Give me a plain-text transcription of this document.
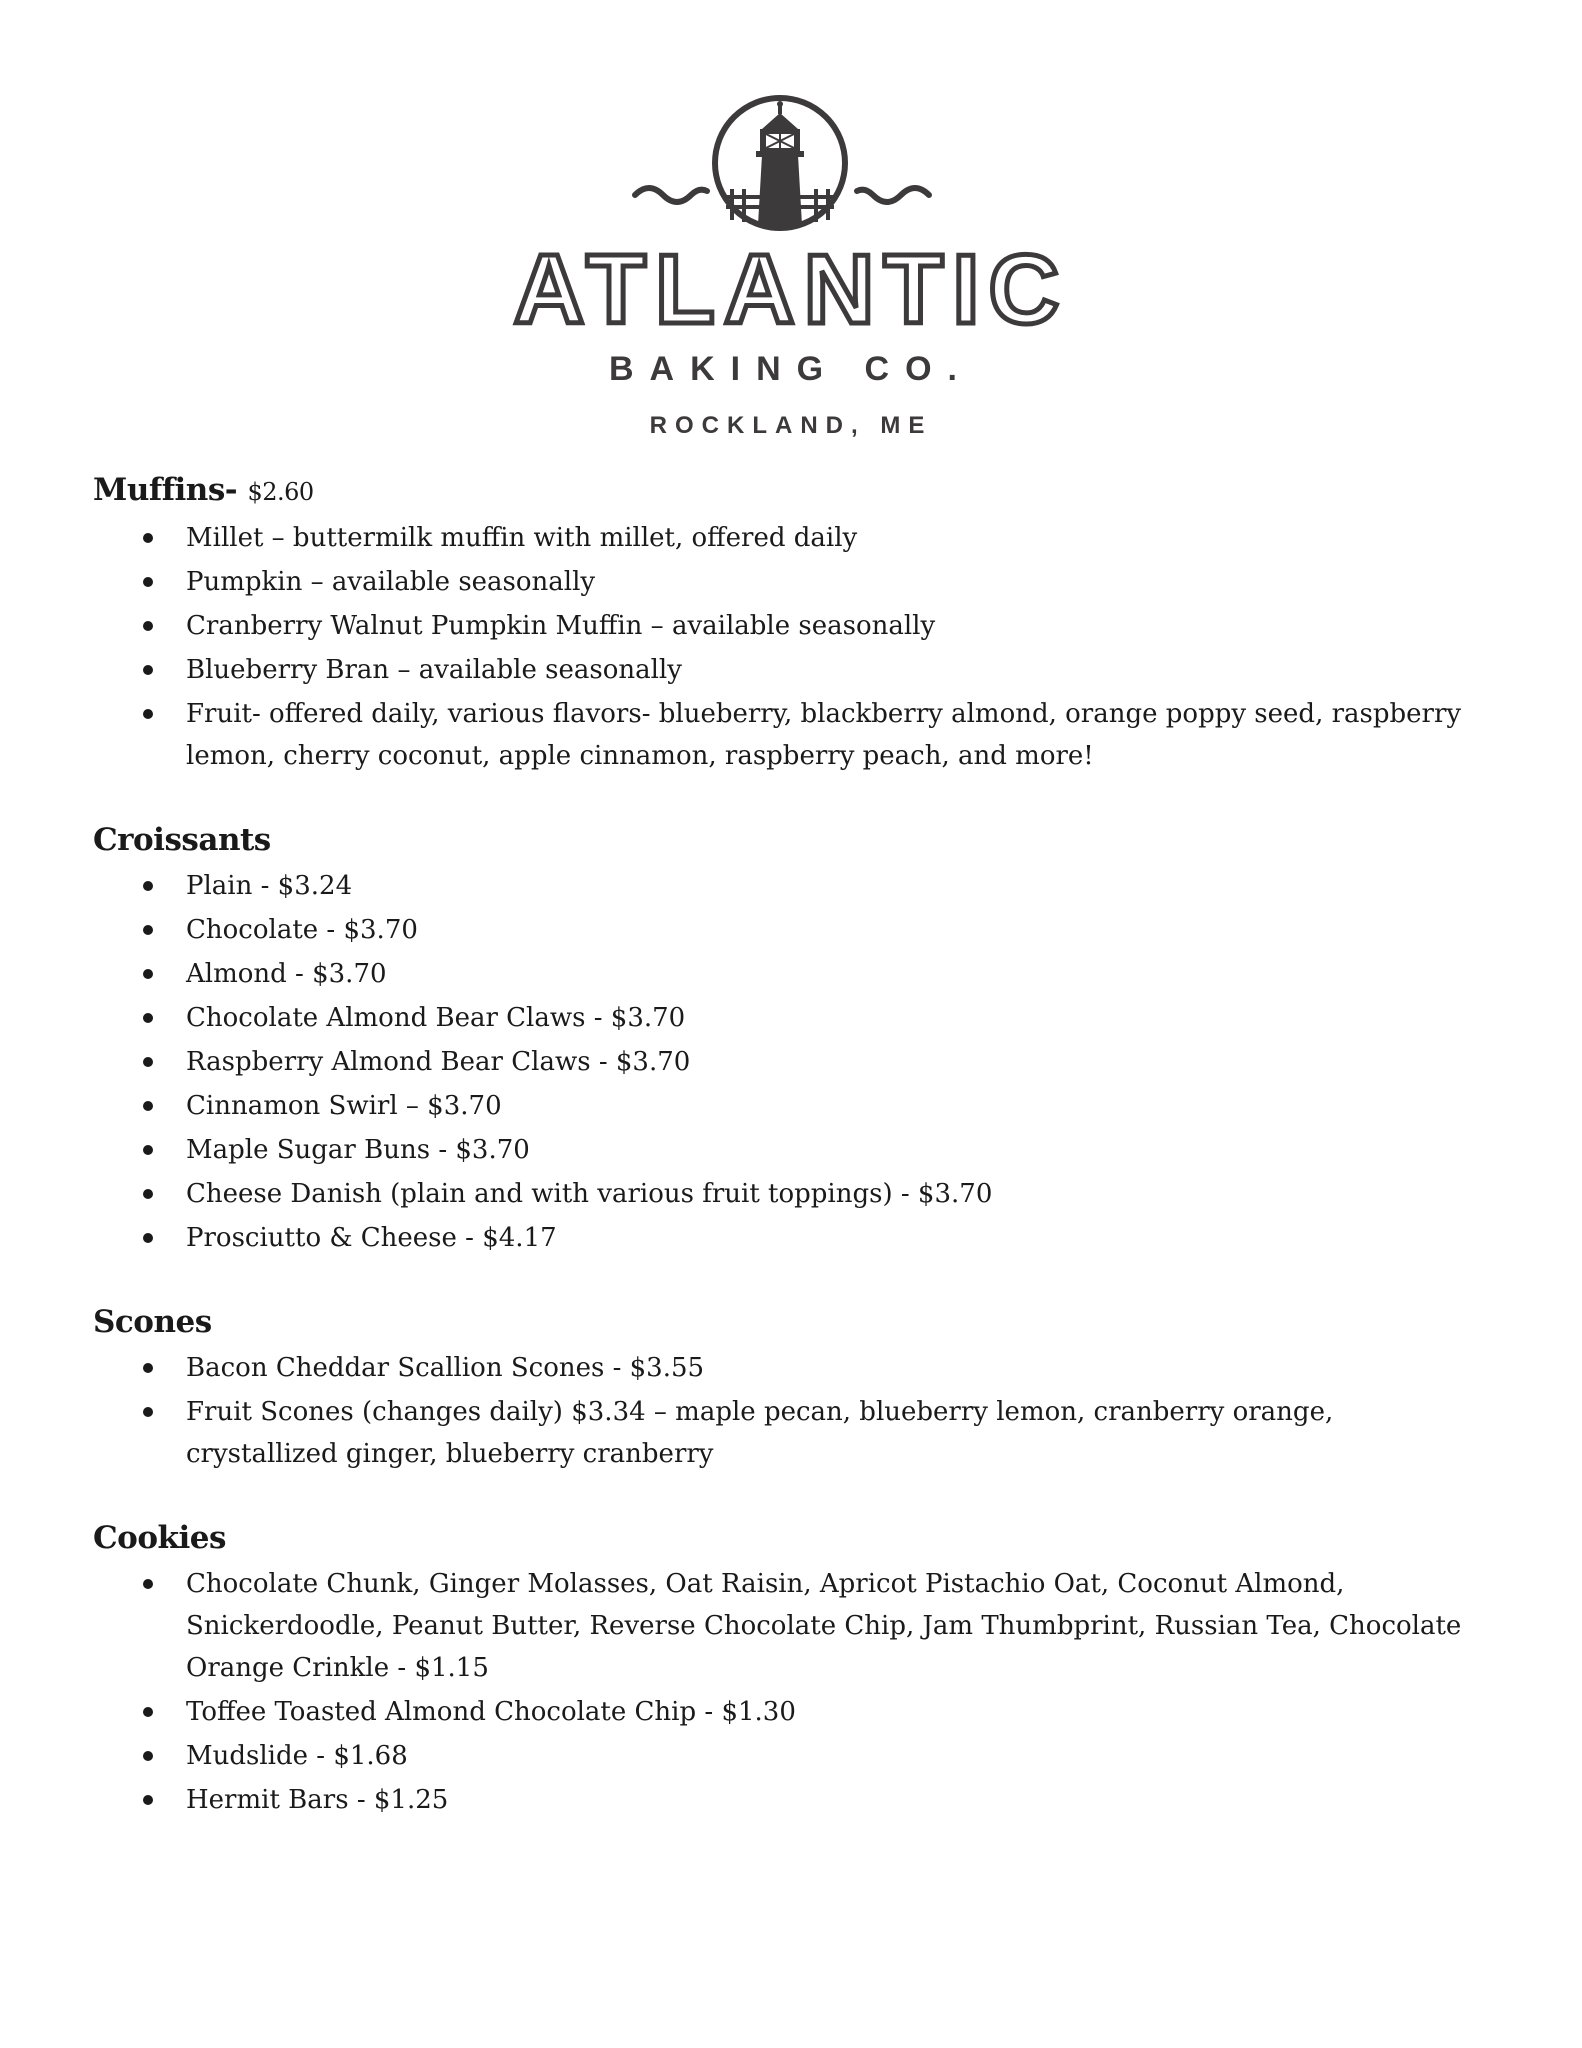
ATLANTIC
BAKING CO.
ROCKLAND, ME
Muffins- $2.60
Millet – buttermilk muffin with millet, offered daily
Pumpkin – available seasonally
Cranberry Walnut Pumpkin Muffin – available seasonally
Blueberry Bran – available seasonally
Fruit- offered daily, various flavors- blueberry, blackberry almond, orange poppy seed, raspberry lemon, cherry coconut, apple cinnamon, raspberry peach, and more!
Croissants
Plain - $3.24
Chocolate - $3.70
Almond - $3.70
Chocolate Almond Bear Claws - $3.70
Raspberry Almond Bear Claws - $3.70
Cinnamon Swirl – $3.70
Maple Sugar Buns - $3.70
Cheese Danish (plain and with various fruit toppings) - $3.70
Prosciutto & Cheese - $4.17
Scones
Bacon Cheddar Scallion Scones - $3.55
Fruit Scones (changes daily) $3.34 – maple pecan, blueberry lemon, cranberry orange, crystallized ginger, blueberry cranberry
Cookies
Chocolate Chunk, Ginger Molasses, Oat Raisin, Apricot Pistachio Oat, Coconut Almond, Snickerdoodle, Peanut Butter, Reverse Chocolate Chip, Jam Thumbprint, Russian Tea, Chocolate Orange Crinkle - $1.15
Toffee Toasted Almond Chocolate Chip - $1.30
Mudslide - $1.68
Hermit Bars - $1.25
